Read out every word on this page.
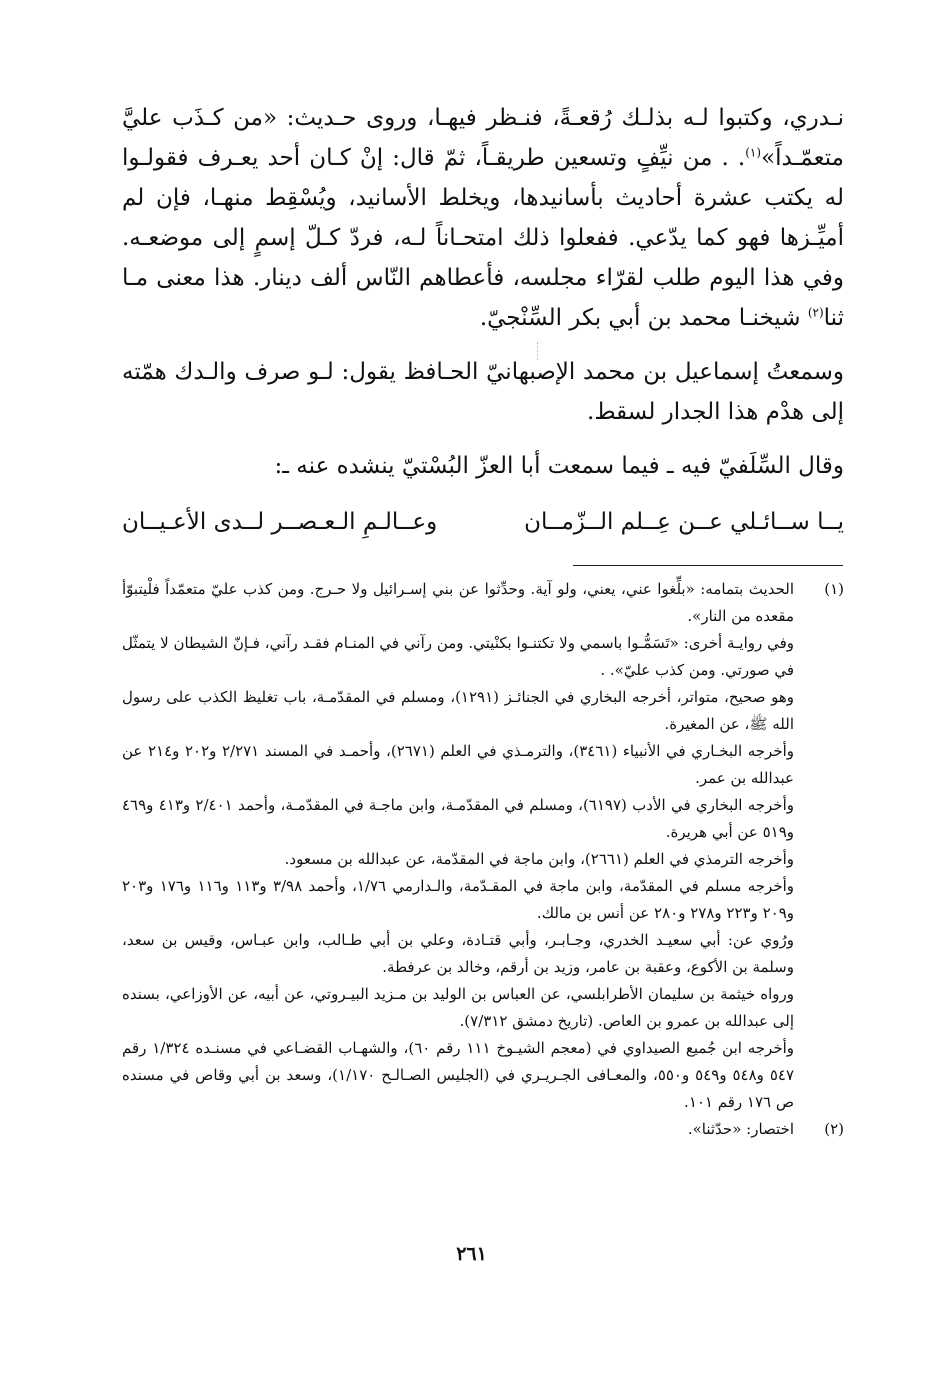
نـدري، وكتبوا لـه بذلـك رُقعـةً، فنـظر فيهـا، وروى حـديث: «من كـذَب عليَّ متعمّـداً»$^{(١)}$. . من نيِّفٍ وتسعين طريقـاً، ثمّ قال: إنْ كـان أحد يعـرف فقولـوا له يكتب عشرة أحاديث بأسانيدها، ويخلط الأسانيد، ويُسْقِط منهـا، فإن لم أميِّـزها فهو كما يدّعي. ففعلوا ذلك امتحـاناً لـه، فردّ كـلّ إسمٍ إلى موضعـه. وفي هذا اليوم طلب لقرّاء مجلسه، فأعطاهم النّاس ألف دينار. هذا معنى مـا ثنا$^{(٢)}$ شيخنـا محمد بن أبي بكر السِّنْجيّ.

وسمعتُ إسماعيل بن محمد الإصبهانيّ الحـافظ يقول: لـو صرف والـدك همّته إلى هدْم هذا الجدار لسقط.

وقال السِّلَفيّ فيه ـ فيما سمعت أبا العزّ البُسْتيّ ينشده عنه ـ:

يــا ســائـلي عــن عِــلم الــزّمــان
وعــالـمِ الـعـصــر لــدى الأعـيــان
(١)

الحديث بتمامه: «بلِّغوا عني، يعني، ولو آية. وحدِّثوا عن بني إسـرائيل ولا حـرج. ومن كذب عليّ متعمّداً فلْيتبوّأ مقعده من النار».

وفي روايـة أخرى: «تَسَمُّـوا باسمي ولا تكتنـوا بكنْيتي. ومن رآني في المنـام فقـد رآني، فـإنّ الشيطان لا يتمثّل في صورتي. ومن كذب عليّ». .

وهو صحيح، متواتر، أخرجه البخاري في الجنائـز (١٢٩١)، ومسلم في المقدّمـة، باب تغليظ الكذب على رسول الله ﷺ، عن المغيرة.

وأخرجه البخـاري في الأنبياء (٣٤٦١)، والترمـذي في العلم (٢٦٧١)، وأحمـد في المسند ٢/٢٧١ و٢٠٢ و٢١٤ عن عبدالله بن عمر.

وأخرجه البخاري في الأدب (٦١٩٧)، ومسلم في المقدّمـة، وابن ماجـة في المقدّمـة، وأحمد ٢/٤٠١ و٤١٣ و٤٦٩ و٥١٩ عن أبي هريرة.

وأخرجه الترمذي في العلم (٢٦٦١)، وابن ماجة في المقدّمة، عن عبدالله بن مسعود.

وأخرجه مسلم في المقدّمة، وابن ماجة في المقـدّمة، والـدارمي ١/٧٦، وأحمد ٣/٩٨ و١١٣ و١١٦ و١٧٦ و٢٠٣ و٢٠٩ و٢٢٣ و٢٧٨ و٢٨٠ عن أنس بن مالك.

ورُوي عن: أبي سعيـد الخدري، وجـابـر، وأبي قتـادة، وعلي بن أبي طـالب، وابن عبـاس، وقيس بن سعد، وسلمة بن الأكوع، وعقبة بن عامر، وزيد بن أرقم، وخالد بن عرفطة.

ورواه خيثمة بن سليمان الأطرابلسي، عن العباس بن الوليد بن مـزيد البيـروتي، عن أبيه، عن الأوزاعي، بسنده إلى عبدالله بن عمرو بن العاص. (تاريخ دمشق ٧/٣١٢).

وأخرجه ابن جُميع الصيداوي في (معجم الشيـوخ ١١١ رقم ٦٠)، والشهـاب القضـاعي في مسنـده ١/٣٢٤ رقم ٥٤٧ و٥٤٨ و٥٤٩ و٥٥٠، والمعـافى الجـريـري في (الجليس الصـالـح ١/١٧٠)، وسعد بن أبي وقاص في مسنده ص ١٧٦ رقم ١٠١.

(٢)
اختصار: «حدّثنا».
٢٦١
